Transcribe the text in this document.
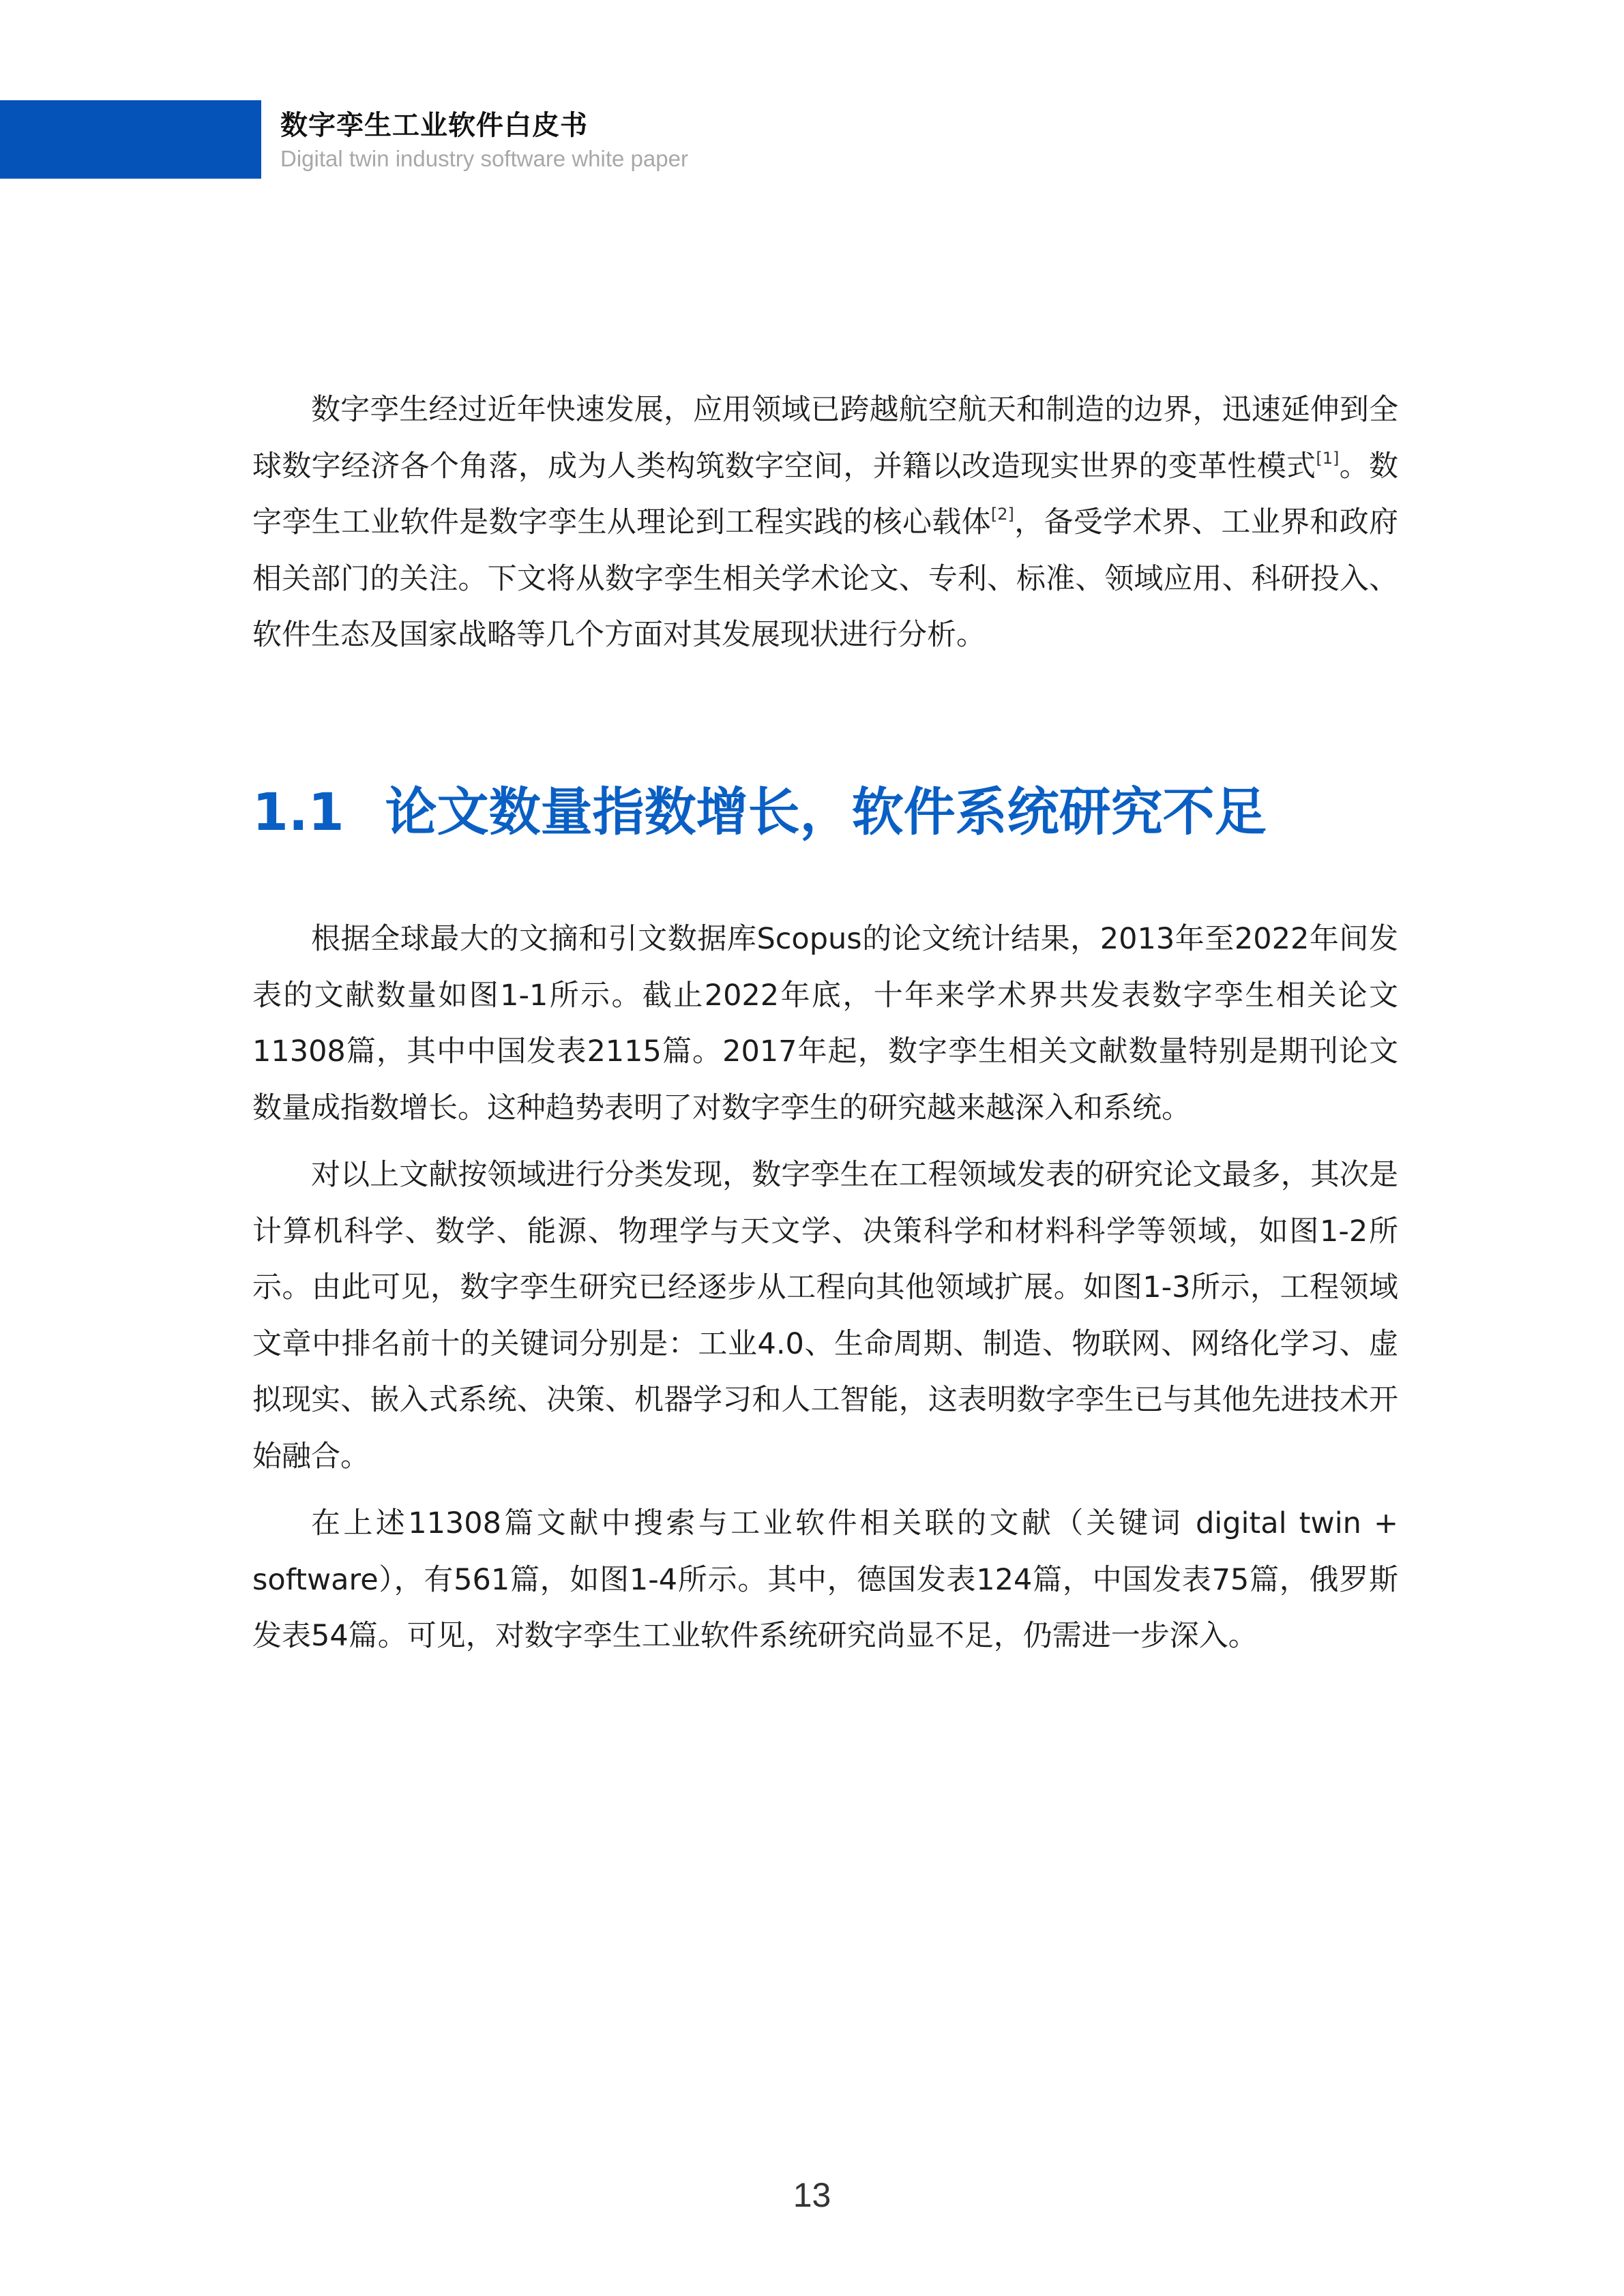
数字孪生工业软件白皮书
Digital twin industry software white paper

数字孪生经过近年快速发展，应用领域已跨越航空航天和制造的边界，迅速延伸到全球数字经济各个角落，成为人类构筑数字空间，并籍以改造现实世界的变革性模式[1]。数字孪生工业软件是数字孪生从理论到工程实践的核心载体[2]，备受学术界、工业界和政府相关部门的关注。下文将从数字孪生相关学术论文、专利、标准、领域应用、科研投入、软件生态及国家战略等几个方面对其发展现状进行分析。

1.1 论文数量指数增长，软件系统研究不足

根据全球最大的文摘和引文数据库Scopus的论文统计结果，2013年至2022年间发表的文献数量如图1-1所示。截止2022年底，十年来学术界共发表数字孪生相关论文11308篇，其中中国发表2115篇。2017年起，数字孪生相关文献数量特别是期刊论文数量成指数增长。这种趋势表明了对数字孪生的研究越来越深入和系统。

对以上文献按领域进行分类发现，数字孪生在工程领域发表的研究论文最多，其次是计算机科学、数学、能源、物理学与天文学、决策科学和材料科学等领域，如图1-2所示。由此可见，数字孪生研究已经逐步从工程向其他领域扩展。如图1-3所示，工程领域文章中排名前十的关键词分别是：工业4.0、生命周期、制造、物联网、网络化学习、虚拟现实、嵌入式系统、决策、机器学习和人工智能，这表明数字孪生已与其他先进技术开始融合。

在上述11308篇文献中搜索与工业软件相关联的文献（关键词 digital twin + software），有561篇，如图1-4所示。其中，德国发表124篇，中国发表75篇，俄罗斯发表54篇。可见，对数字孪生工业软件系统研究尚显不足，仍需进一步深入。

13
